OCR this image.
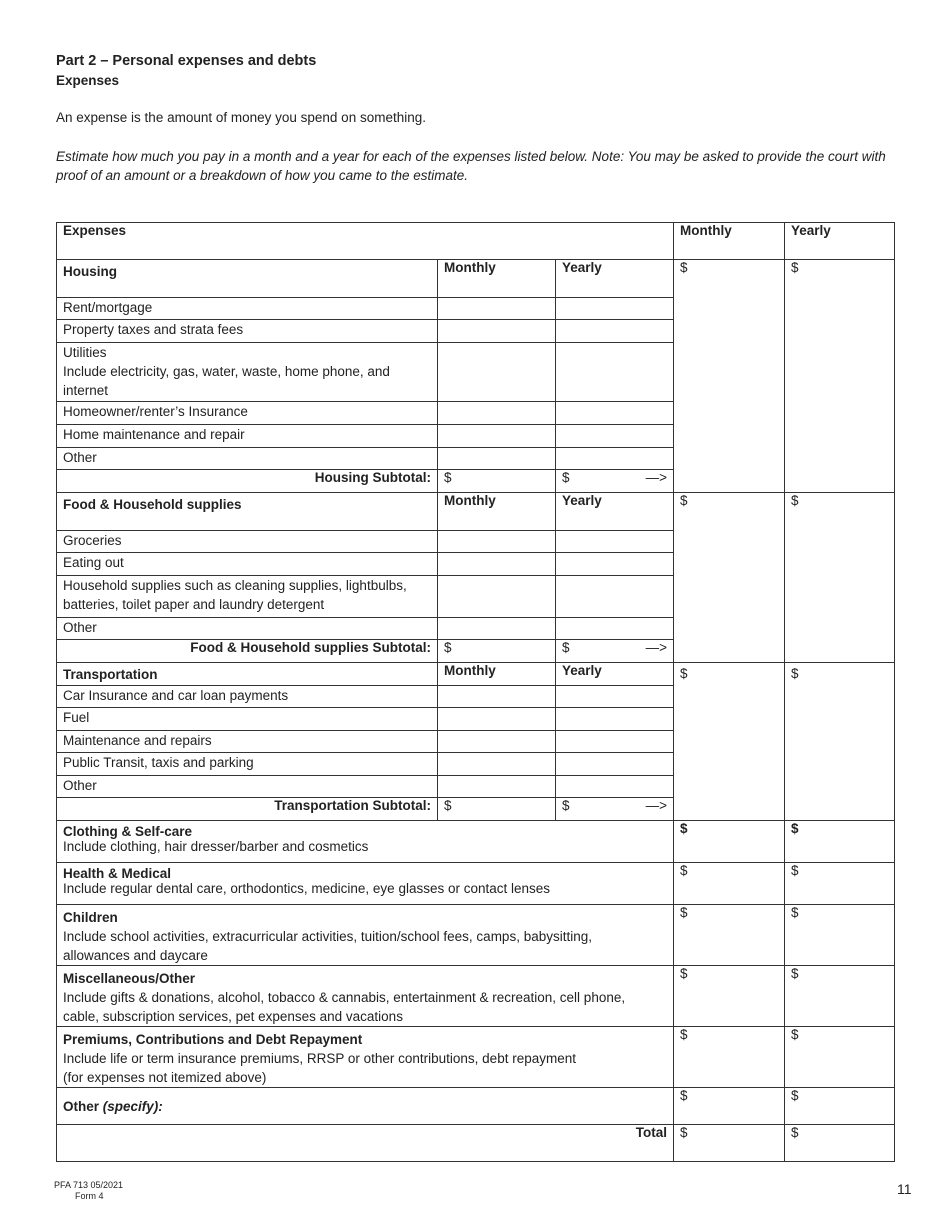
Part 2 – Personal expenses and debts
Expenses
An expense is the amount of money you spend on something.
Estimate how much you pay in a month and a year for each of the expenses listed below. Note: You may be asked to provide the court with proof of an amount or a breakdown of how you came to the estimate.
Expenses			Monthly	Yearly
Housing	Monthly	Yearly	$	$
Rent/mortgage				
Property taxes and strata fees				

Utilities
Include electricity, gas, water, waste, home phone, and internet				

Homeowner/renter’s Insurance				
Home maintenance and repair				
Other				
Housing Subtotal:	$	$ —>		

Food & Household supplies	Monthly	Yearly	$	$
Groceries				
Eating out				
Household supplies such as cleaning supplies, lightbulbs, batteries, toilet paper and laundry detergent				
Other				
Food & Household supplies Subtotal:	$	$ —>		

Transportation	Monthly	Yearly	$	$
Car Insurance and car loan payments				
Fuel				
Maintenance and repairs				
Public Transit, taxis and parking				
Other				
Transportation Subtotal:	$	$ —>		

Clothing & Self-care
Include clothing, hair dresser/barber and cosmetics			$	$

Health & Medical
Include regular dental care, orthodontics, medicine, eye glasses or contact lenses			$	$

Children
Include school activities, extracurricular activities, tuition/school fees, camps, babysitting, allowances and daycare			$	$

Miscellaneous/Other
Include gifts & donations, alcohol, tobacco & cannabis, entertainment & recreation, cell phone, cable, subscription services, pet expenses and vacations			$	$

Premiums, Contributions and Debt Repayment
Include life or term insurance premiums, RRSP or other contributions, debt repayment
(for expenses not itemized above)			$	$
Other (specify):			$	$
Total			$	$
PFA 713 05/2021
Form 4	11
